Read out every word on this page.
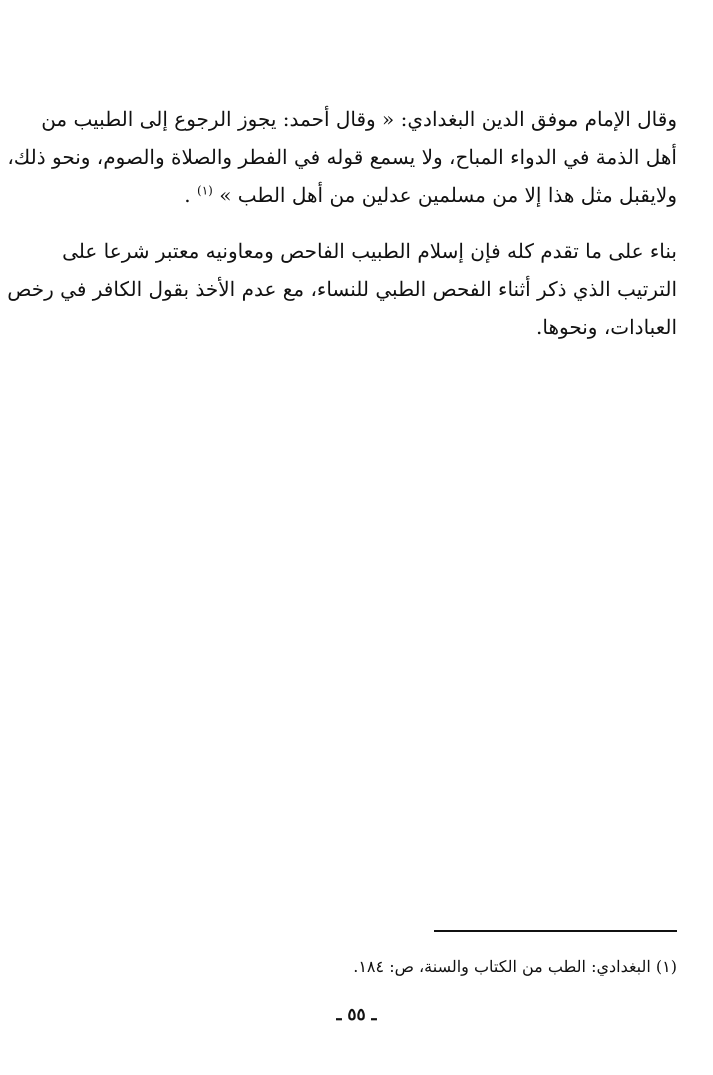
وقال الإمام موفق الدين البغدادي: « وقال أحمد: يجوز الرجوع إلى الطبيب من
أهل الذمة في الدواء المباح، ولا يسمع قوله في الفطر والصلاة والصوم، ونحو ذلك،
ولايقبل مثل هذا إلا من مسلمين عدلين من أهل الطب » $^{(١)}$ .

بناء على ما تقدم كله فإن إسلام الطبيب الفاحص ومعاونيه معتبر شرعا على
الترتيب الذي ذكر أثناء الفحص الطبي للنساء، مع عدم الأخذ بقول الكافر في رخص
العبادات، ونحوها.

(١) البغدادي: الطب من الكتاب والسنة، ص: ١٨٤.
ـ ٥٥ ـ
